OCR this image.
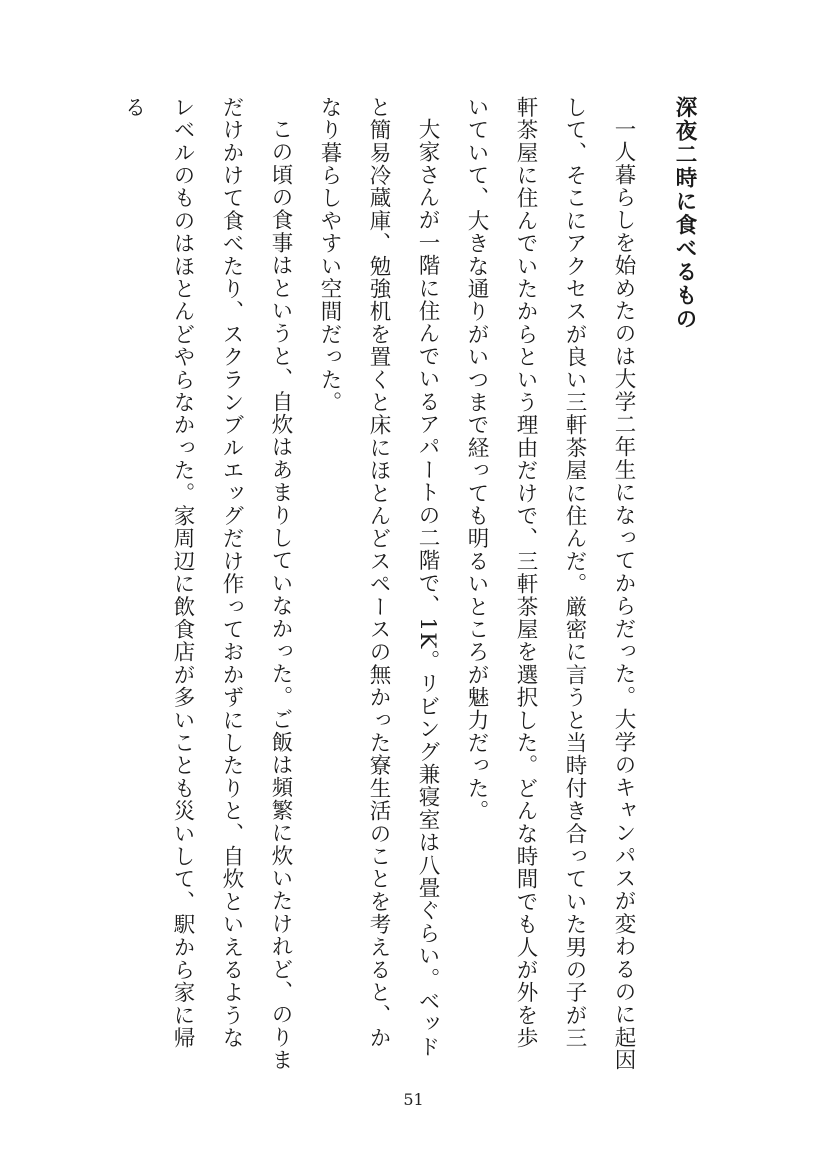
深夜二時に食べるもの

一人暮らしを始めたのは大学二年生になってからだった。大学のキャンパスが変わるのに起因して、そこにアクセスが良い三軒茶屋に住んだ。厳密に言うと当時付き合っていた男の子が三軒茶屋に住んでいたからという理由だけで、三軒茶屋を選択した。どんな時間でも人が外を歩いていて、大きな通りがいつまで経っても明るいところが魅力だった。

大家さんが一階に住んでいるアパートの二階で、1K。リビング兼寝室は八畳ぐらい。ベッドと簡易冷蔵庫、勉強机を置くと床にほとんどスペースの無かった寮生活のことを考えると、かなり暮らしやすい空間だった。

この頃の食事はというと、自炊はあまりしていなかった。ご飯は頻繁に炊いたけれど、のりまだけかけて食べたり、スクランブルエッグだけ作っておかずにしたりと、自炊といえるようなレベルのものはほとんどやらなかった。家周辺に飲食店が多いことも災いして、駅から家に帰る

51
